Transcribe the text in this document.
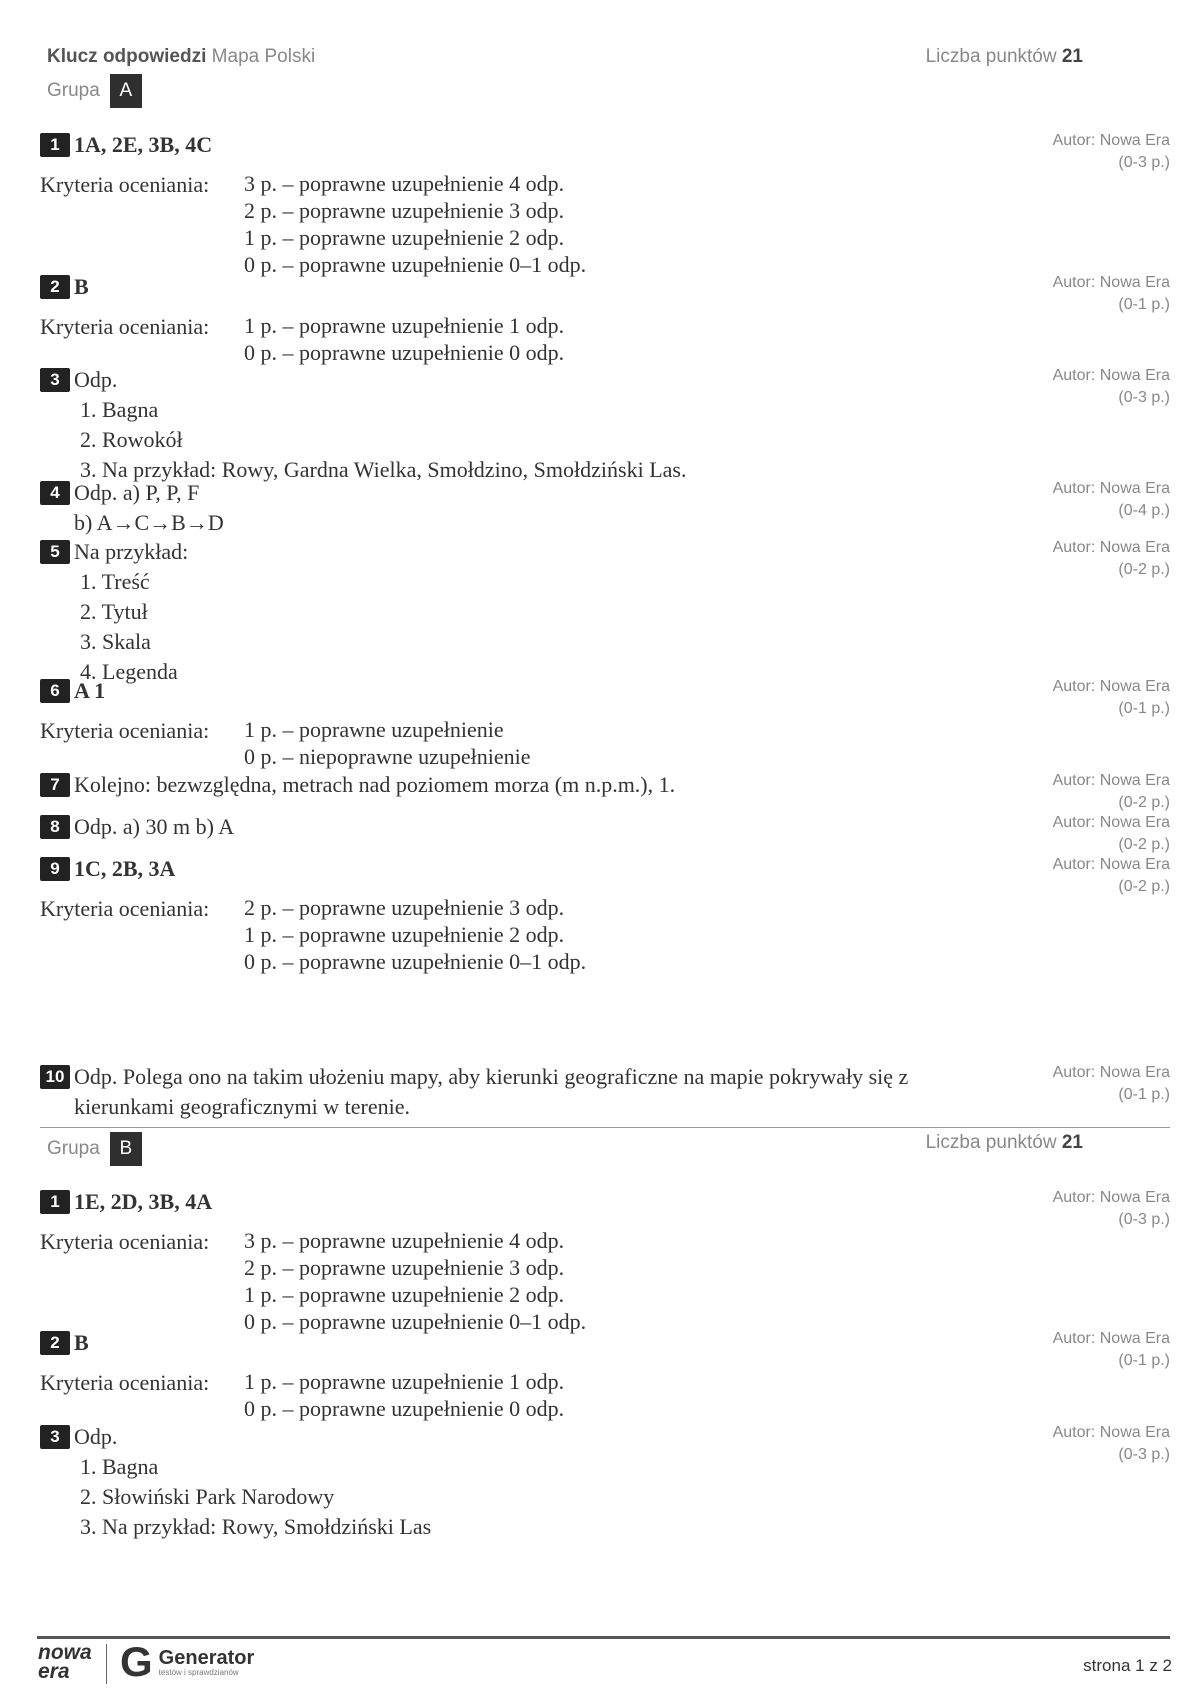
Klucz odpowiedzi Mapa Polski	Liczba punktów 21
Grupa	A
1 1A, 2E, 3B, 4C	Autor: Nowa Era
(0-3 p.)
Kryteria oceniania:	3 p. – poprawne uzupełnienie 4 odp.
2 p. – poprawne uzupełnienie 3 odp.
1 p. – poprawne uzupełnienie 2 odp.
0 p. – poprawne uzupełnienie 0–1 odp.
2 B	Autor: Nowa Era
(0-1 p.)
Kryteria oceniania:	1 p. – poprawne uzupełnienie 1 odp.
0 p. – poprawne uzupełnienie 0 odp.
3 Odp.	Autor: Nowa Era
(0-3 p.)
1. Bagna
2. Rowokół
3. Na przykład: Rowy, Gardna Wielka, Smołdzino, Smołdziński Las.
4 Odp. a) P, P, F	Autor: Nowa Era
(0-4 p.)
b) A→C→B→D
5 Na przykład:	Autor: Nowa Era
(0-2 p.)
1. Treść
2. Tytuł
3. Skala
4. Legenda
6 A 1	Autor: Nowa Era
(0-1 p.)
Kryteria oceniania:	1 p. – poprawne uzupełnienie
0 p. – niepoprawne uzupełnienie
7 Kolejno: bezwzględna, metrach nad poziomem morza (m n.p.m.), 1.	Autor: Nowa Era
(0-2 p.)
8 Odp. a) 30 m b) A	Autor: Nowa Era
(0-2 p.)
9 1C, 2B, 3A	Autor: Nowa Era
(0-2 p.)
Kryteria oceniania:	2 p. – poprawne uzupełnienie 3 odp.
1 p. – poprawne uzupełnienie 2 odp.
0 p. – poprawne uzupełnienie 0–1 odp.
10 Odp. Polega ono na takim ułożeniu mapy, aby kierunki geograficzne na mapie pokrywały się z kierunkami geograficznymi w terenie.
Autor: Nowa Era
(0-1 p.)
Grupa	B	Liczba punktów 21
1 1E, 2D, 3B, 4A	Autor: Nowa Era
(0-3 p.)
Kryteria oceniania:	3 p. – poprawne uzupełnienie 4 odp.
2 p. – poprawne uzupełnienie 3 odp.
1 p. – poprawne uzupełnienie 2 odp.
0 p. – poprawne uzupełnienie 0–1 odp.
2 B	Autor: Nowa Era
(0-1 p.)
Kryteria oceniania:	1 p. – poprawne uzupełnienie 1 odp.
0 p. – poprawne uzupełnienie 0 odp.
3 Odp.	Autor: Nowa Era
(0-3 p.)
1. Bagna
2. Słowiński Park Narodowy
3. Na przykład: Rowy, Smołdziński Las
nowa
era	G Generator
testów i sprawdzianów	strona 1 z 2
